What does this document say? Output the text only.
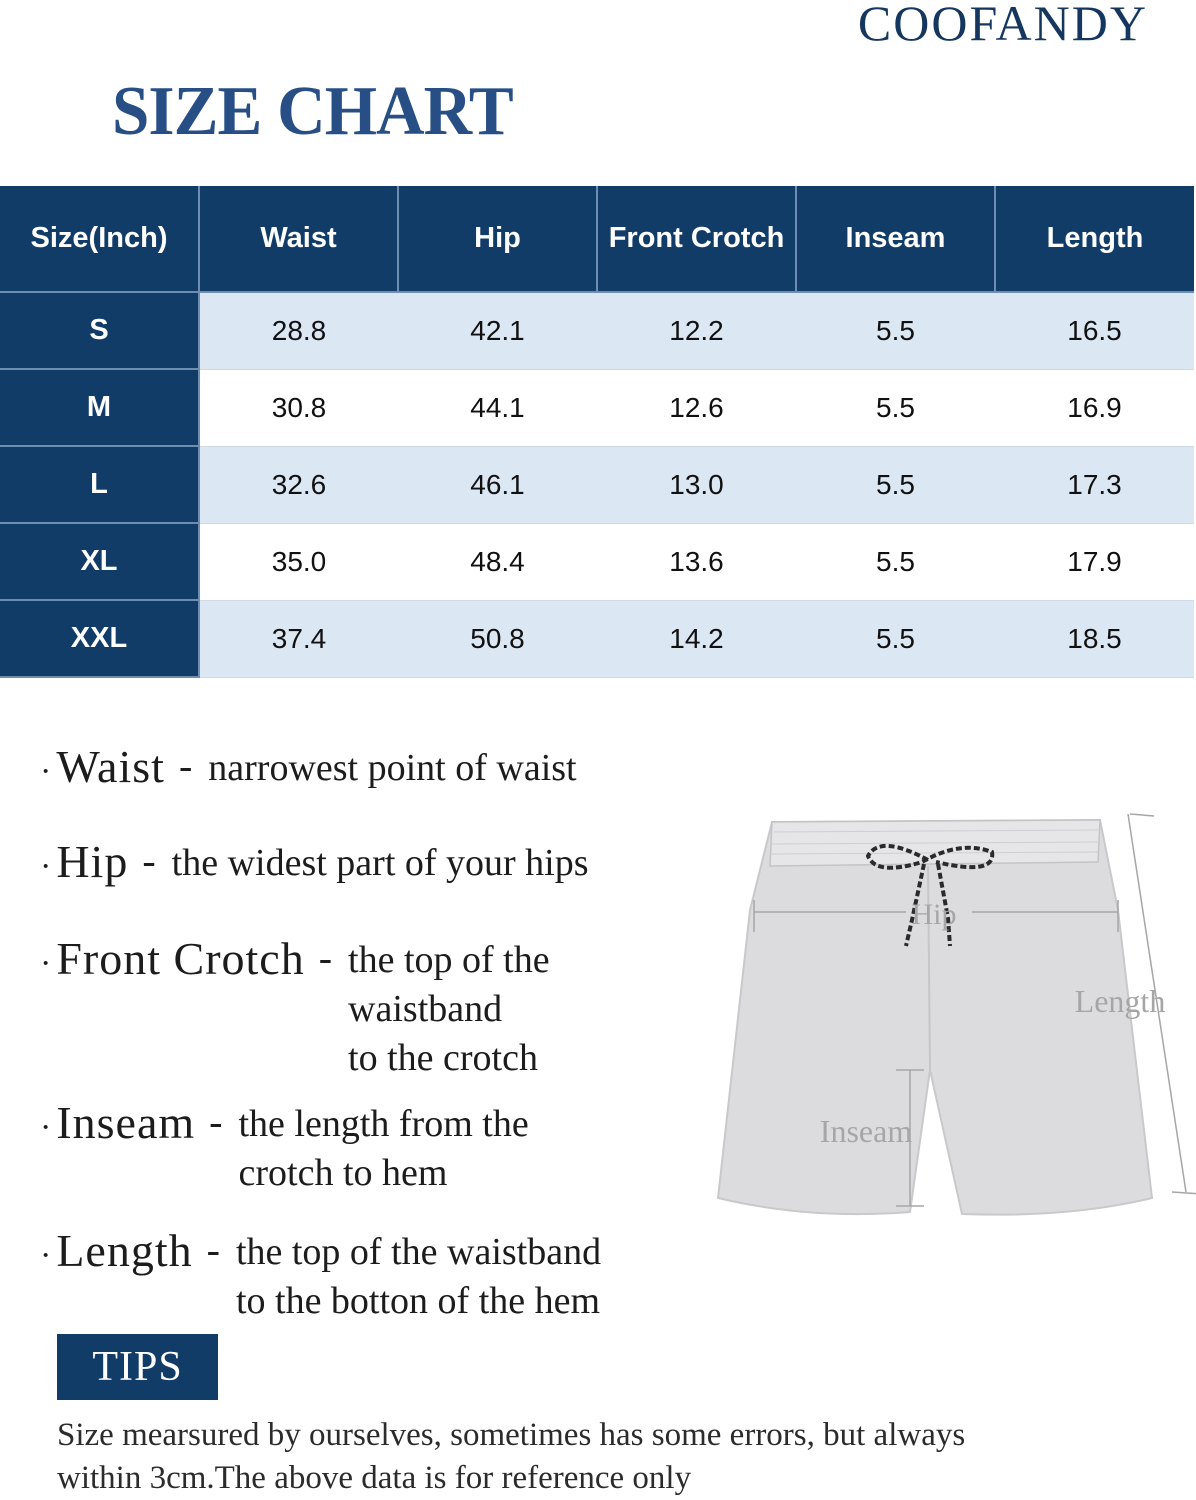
COOFANDY
SIZE CHART
Size(Inch)	Waist	Hip	Front Crotch	Inseam	Length
S	28.8	42.1	12.2	5.5	16.5
M	30.8	44.1	12.6	5.5	16.9
L	32.6	46.1	13.0	5.5	17.3
XL	35.0	48.4	13.6	5.5	17.9
XXL	37.4	50.8	14.2	5.5	18.5
· Waist - narrowest point of waist
· Hip - the widest part of your hips
· Front Crotch - the top of the
waistband
to the crotch
· Inseam - the length from the
crotch to hem
· Length - the top of the waistband
to the botton of the hem
Hip
Length
Inseam
TIPS
Size mearsured by ourselves, sometimes has some errors, but always
within 3cm.The above data is for reference only
